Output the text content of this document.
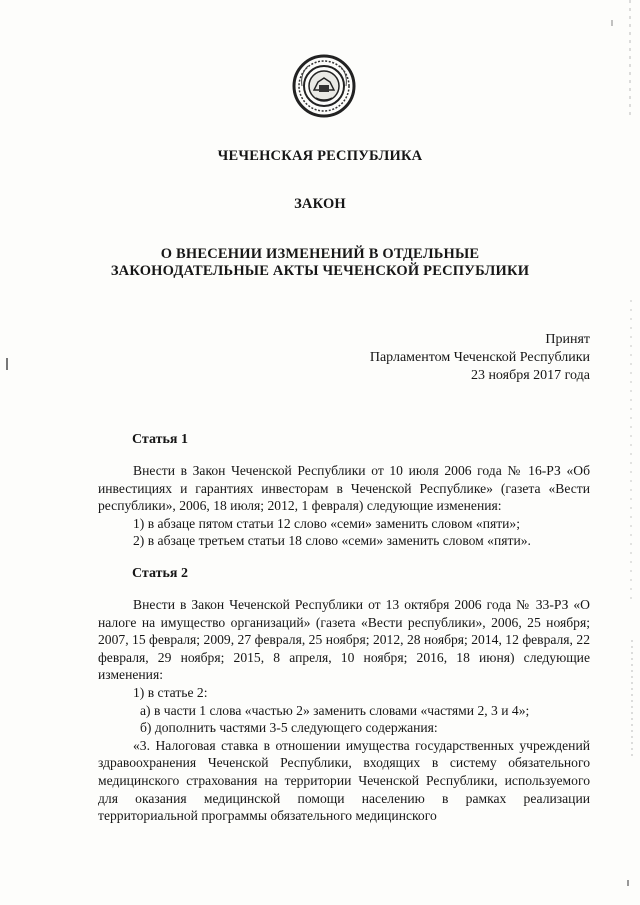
ЧЕЧЕНСКАЯ РЕСПУБЛИКА
ЗАКОН
О ВНЕСЕНИИ ИЗМЕНЕНИЙ В ОТДЕЛЬНЫЕ
ЗАКОНОДАТЕЛЬНЫЕ АКТЫ ЧЕЧЕНСКОЙ РЕСПУБЛИКИ
Принят
Парламентом Чеченской Республики
23 ноября 2017 года
Статья 1

Внести в Закон Чеченской Республики от 10 июля 2006 года № 16-РЗ «Об инвестициях и гарантиях инвесторам в Чеченской Республике» (газета «Вести республики», 2006, 18 июля; 2012, 1 февраля) следующие изменения:

1) в абзаце пятом статьи 12 слово «семи» заменить словом «пяти»;

2) в абзаце третьем статьи 18 слово «семи» заменить словом «пяти».

Статья 2

Внести в Закон Чеченской Республики от 13 октября 2006 года № 33-РЗ «О налоге на имущество организаций» (газета «Вести республики», 2006, 25 ноября; 2007, 15 февраля; 2009, 27 февраля, 25 ноября; 2012, 28 ноября; 2014, 12 февраля, 22 февраля, 29 ноября; 2015, 8 апреля, 10 ноября; 2016, 18 июня) следующие изменения:

1) в статье 2:

а) в части 1 слова «частью 2» заменить словами «частями 2, 3 и 4»;

б) дополнить частями 3-5 следующего содержания:

«3. Налоговая ставка в отношении имущества государственных учреждений здравоохранения Чеченской Республики, входящих в систему обязательного медицинского страхования на территории Чеченской Республики, используемого для оказания медицинской помощи населению в рамках реализации территориальной программы обязательного медицинского
